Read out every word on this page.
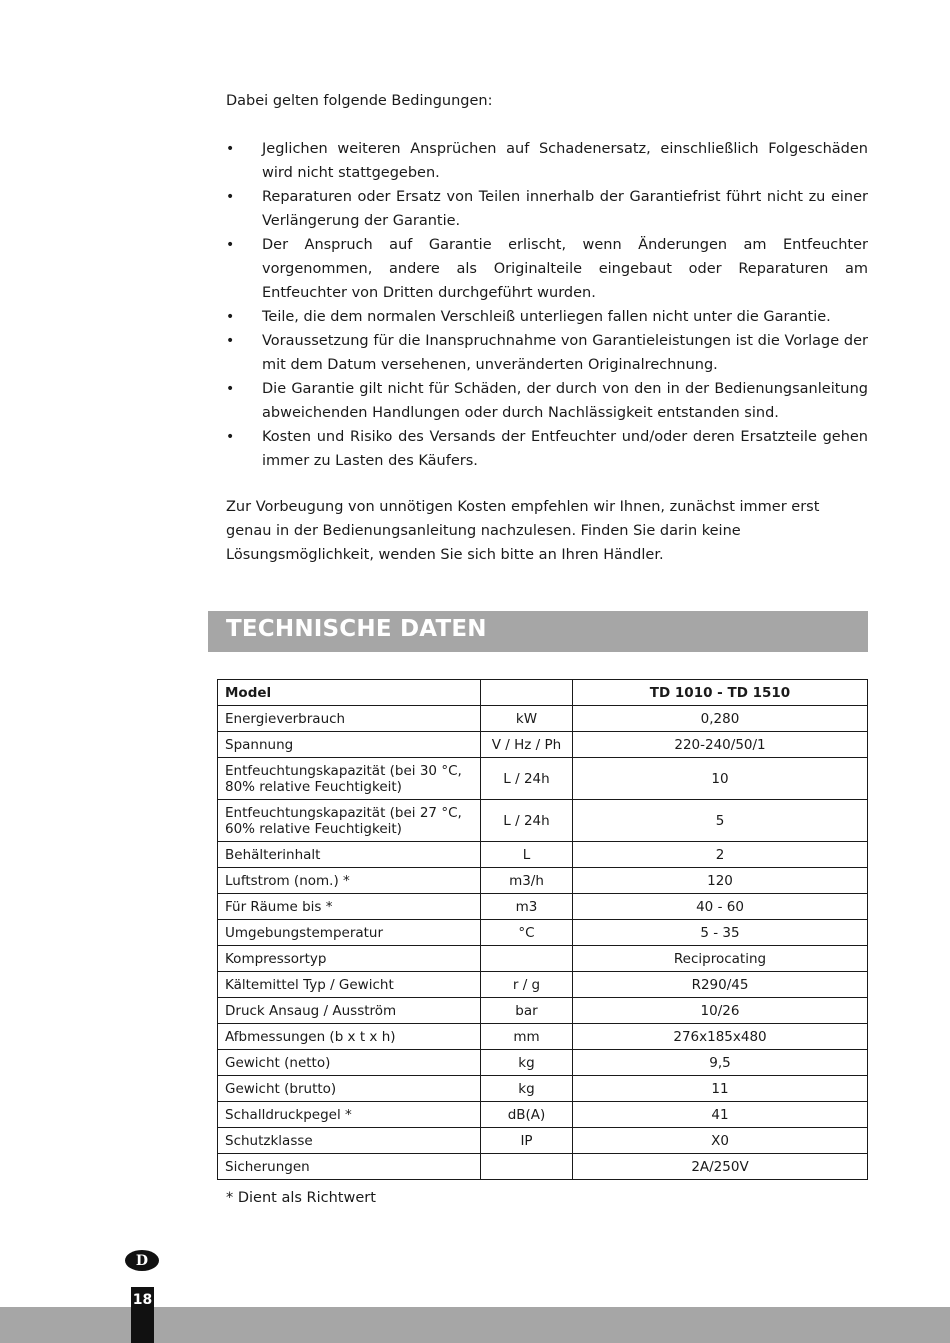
Dabei gelten folgende Bedingungen:

• Jeglichen weiteren Ansprüchen auf Schadenersatz, einschließlich Folgeschäden wird nicht stattgegeben.
• Reparaturen oder Ersatz von Teilen innerhalb der Garantiefrist führt nicht zu einer Verlängerung der Garantie.
• Der Anspruch auf Garantie erlischt, wenn Änderungen am Entfeuchter vorgenommen, andere als Originalteile eingebaut oder Reparaturen am Entfeuchter von Dritten durchgeführt wurden.
• Teile, die dem normalen Verschleiß unterliegen fallen nicht unter die Garantie.
• Voraussetzung für die Inanspruchnahme von Garantieleistungen ist die Vorlage der mit dem Datum versehenen, unveränderten Originalrechnung.
• Die Garantie gilt nicht für Schäden, der durch von den in der Bedienungsanleitung abweichenden Handlungen oder durch Nachlässigkeit entstanden sind.
• Kosten und Risiko des Versands der Entfeuchter und/oder deren Ersatzteile gehen immer zu Lasten des Käufers.

Zur Vorbeugung von unnötigen Kosten empfehlen wir Ihnen, zunächst immer erst genau in der Bedienungsanleitung nachzulesen. Finden Sie darin keine Lösungsmöglichkeit, wenden Sie sich bitte an Ihren Händler.

TECHNISCHE DATEN
Model		TD 1010 - TD 1510
Energieverbrauch	kW	0,280
Spannung	V / Hz / Ph	220-240/50/1
Entfeuchtungskapazität (bei 30 °C, 80% relative Feuchtigkeit)	L / 24h	10
Entfeuchtungskapazität (bei 27 °C, 60% relative Feuchtigkeit)	L / 24h	5
Behälterinhalt	L	2
Luftstrom (nom.) *	m3/h	120
Für Räume bis *	m3	40 - 60
Umgebungstemperatur	°C	5 - 35
Kompressortyp		Reciprocating
Kältemittel Typ / Gewicht	r / g	R290/45
Druck Ansaug / Ausström	bar	10/26
Afbmessungen (b x t x h)	mm	276x185x480
Gewicht (netto)	kg	9,5
Gewicht (brutto)	kg	11
Schalldruckpegel *	dB(A)	41
Schutzklasse	IP	X0
Sicherungen		2A/250V

* Dient als Richtwert

D
18
